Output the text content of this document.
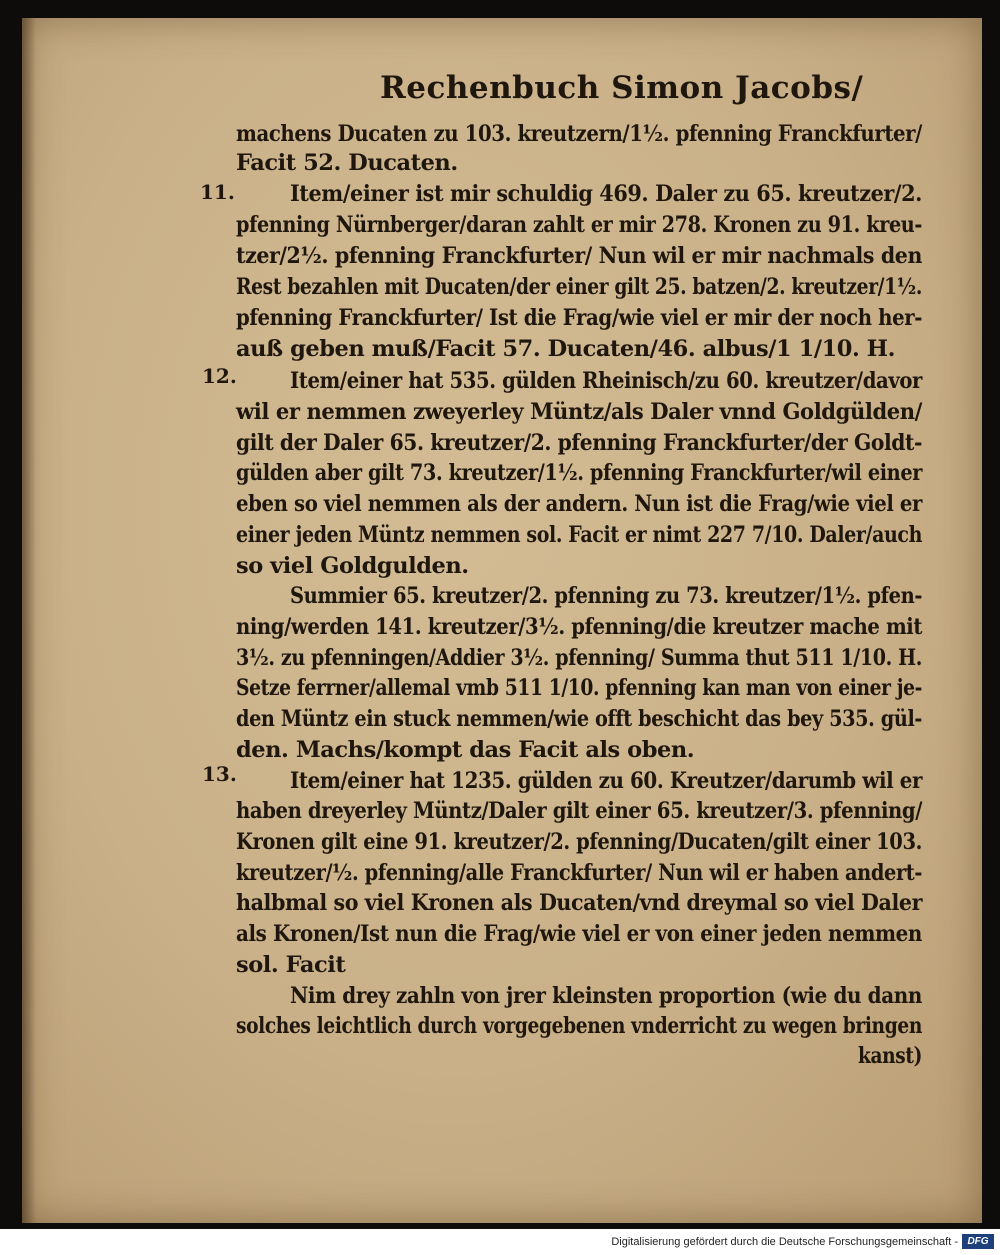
Rechenbuch Simon Jacobs/
11.
12.
13.
machens Ducaten zu 103. kreutzern/1½. pfenning Franckfurter/
Facit 52. Ducaten.
Item/einer ist mir schuldig 469. Daler zu 65. kreutzer/2.
pfenning Nürnberger/daran zahlt er mir 278. Kronen zu 91. kreu-
tzer/2½. pfenning Franckfurter/ Nun wil er mir nachmals den
Rest bezahlen mit Ducaten/der einer gilt 25. batzen/2. kreutzer/1½.
pfenning Franckfurter/ Ist die Frag/wie viel er mir der noch her-
auß geben muß/Facit 57. Ducaten/46. albus/1 1/10. H.
Item/einer hat 535. gülden Rheinisch/zu 60. kreutzer/davor
wil er nemmen zweyerley Müntz/als Daler vnnd Goldgülden/
gilt der Daler 65. kreutzer/2. pfenning Franckfurter/der Goldt-
gülden aber gilt 73. kreutzer/1½. pfenning Franckfurter/wil einer
eben so viel nemmen als der andern. Nun ist die Frag/wie viel er
einer jeden Müntz nemmen sol. Facit er nimt 227 7/10. Daler/auch
so viel Goldgulden.
Summier 65. kreutzer/2. pfenning zu 73. kreutzer/1½. pfen-
ning/werden 141. kreutzer/3½. pfenning/die kreutzer mache mit
3½. zu pfenningen/Addier 3½. pfenning/ Summa thut 511 1/10. H.
Setze ferrner/allemal vmb 511 1/10. pfenning kan man von einer je-
den Müntz ein stuck nemmen/wie offt beschicht das bey 535. gül-
den. Machs/kompt das Facit als oben.
Item/einer hat 1235. gülden zu 60. Kreutzer/darumb wil er
haben dreyerley Müntz/Daler gilt einer 65. kreutzer/3. pfenning/
Kronen gilt eine 91. kreutzer/2. pfenning/Ducaten/gilt einer 103.
kreutzer/½. pfenning/alle Franckfurter/ Nun wil er haben andert-
halbmal so viel Kronen als Ducaten/vnd dreymal so viel Daler
als Kronen/Ist nun die Frag/wie viel er von einer jeden nemmen
sol. Facit
Nim drey zahln von jrer kleinsten proportion (wie du dann
solches leichtlich durch vorgegebenen vnderricht zu wegen bringen
kanst)
Digitalisierung gefördert durch die Deutsche Forschungsgemeinschaft - DFG
